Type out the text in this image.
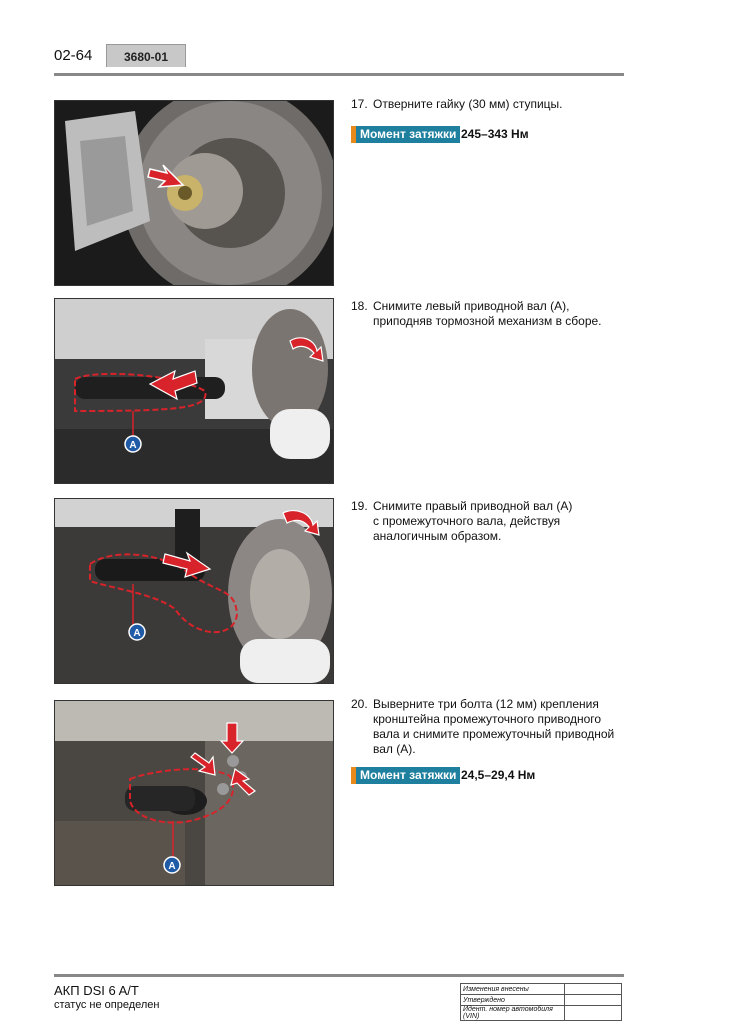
02-64	3680-01
17. Отверните гайку (30 мм) ступицы.
Момент затяжки 245–343 Нм
A
18. Снимите левый приводной вал (A),
приподняв тормозной механизм в сборе.
A
19. Снимите правый приводной вал (A)
с промежуточного вала, действуя
аналогичным образом.
A
20. Выверните три болта (12 мм) крепления
кронштейна промежуточного приводного
вала и снимите промежуточный приводной
вал (A).
Момент затяжки 24,5–29,4 Нм
АКП DSI 6 A/T
статус не определен
Изменения внесены	
Утверждено	
Идент. номер автомобиля (VIN)	
